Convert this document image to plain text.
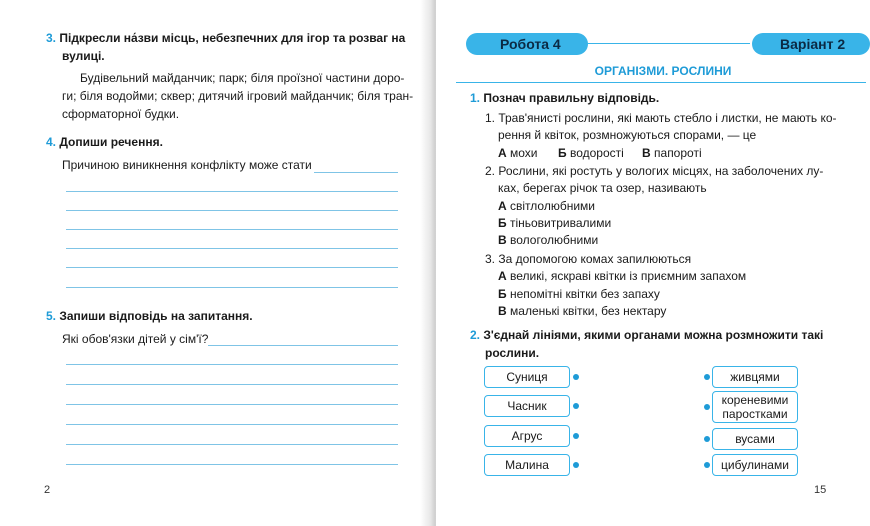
3. Підкресли на́зви місць, небезпечних для ігор та розваг на
вулиці.
Будівельний майданчик; парк; біля проїзної частини доро-
ги; біля водойми; сквер; дитячий ігровий майданчик; біля тран-
сформаторної будки.
4. Допиши речення.
Причиною виникнення конфлікту може стати
5. Запиши відповідь на запитання.
Які обов'язки дітей у сім'ї?
2
Робота 4	Варіант 2
ОРГАНІЗМИ. РОСЛИНИ
1. Познач правильну відповідь.
1. Трав'янисті рослини, які мають стебло і листки, не мають ко-
рення й квіток, розмножуються спорами, — це
А мохи Б водорості В папороті
2. Рослини, які ростуть у вологих місцях, на заболочених лу-
ках, берегах річок та озер, називають
А світлолюбними
Б тіньовитривалими
В вологолюбними
3. За допомогою комах запилюються
А великі, яскраві квітки із приємним запахом
Б непомітні квітки без запаху
В маленькі квітки, без нектару
2. З'єднай лініями, якими органами можна розмножити такі
рослини.
Суниця
Часник
Агрус
Малина
живцями
кореневими
паростками
вусами
цибулинами
15
